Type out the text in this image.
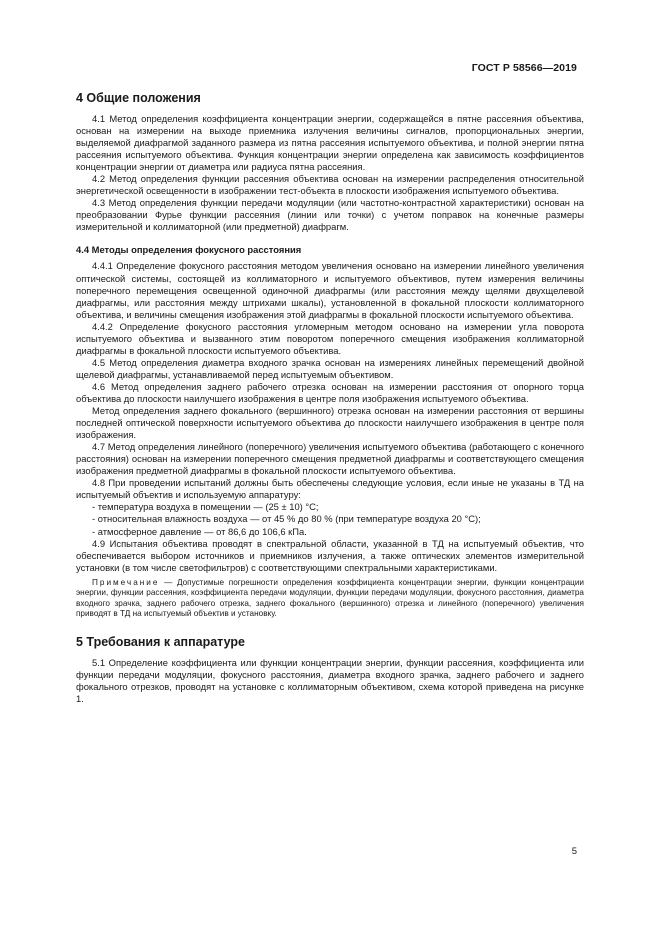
ГОСТ Р 58566—2019
4 Общие положения

4.1 Метод определения коэффициента концентрации энергии, содержащейся в пятне рассеяния объектива, основан на измерении на выходе приемника излучения величины сигналов, пропорциональных энергии, выделяемой диафрагмой заданного размера из пятна рассеяния испытуемого объектива, и полной энергии пятна рассеяния испытуемого объектива. Функция концентрации энергии определена как зависимость коэффициентов концентрации энергии от диаметра или радиуса пятна рассеяния.

4.2 Метод определения функции рассеяния объектива основан на измерении распределения относительной энергетической освещенности в изображении тест-объекта в плоскости изображения испытуемого объектива.

4.3 Метод определения функции передачи модуляции (или частотно-контрастной характеристики) основан на преобразовании Фурье функции рассеяния (линии или точки) с учетом поправок на конечные размеры измерительной и коллиматорной (или предметной) диафрагм.

4.4 Методы определения фокусного расстояния

4.4.1 Определение фокусного расстояния методом увеличения основано на измерении линейного увеличения оптической системы, состоящей из коллиматорного и испытуемого объективов, путем измерения величины поперечного перемещения освещенной одиночной диафрагмы (или расстояния между щелями двухщелевой диафрагмы, или расстояния между штрихами шкалы), установленной в фокальной плоскости коллиматорного объектива, и величины смещения изображения этой диафрагмы в фокальной плоскости испытуемого объектива.

4.4.2 Определение фокусного расстояния угломерным методом основано на измерении угла поворота испытуемого объектива и вызванного этим поворотом поперечного смещения изображения коллиматорной диафрагмы в фокальной плоскости испытуемого объектива.

4.5 Метод определения диаметра входного зрачка основан на измерениях линейных перемещений двойной щелевой диафрагмы, устанавливаемой перед испытуемым объективом.

4.6 Метод определения заднего рабочего отрезка основан на измерении расстояния от опорного торца объектива до плоскости наилучшего изображения в центре поля изображения испытуемого объектива.

Метод определения заднего фокального (вершинного) отрезка основан на измерении расстояния от вершины последней оптической поверхности испытуемого объектива до плоскости наилучшего изображения в центре поля изображения.

4.7 Метод определения линейного (поперечного) увеличения испытуемого объектива (работающего с конечного расстояния) основан на измерении поперечного смещения предметной диафрагмы и соответствующего смещения изображения предметной диафрагмы в фокальной плоскости испытуемого объектива.

4.8 При проведении испытаний должны быть обеспечены следующие условия, если иные не указаны в ТД на испытуемый объектив и используемую аппаратуру:

- температура воздуха в помещении — (25 ± 10) °С;

- относительная влажность воздуха — от 45 % до 80 % (при температуре воздуха 20 °С);

- атмосферное давление — от 86,6 до 106,6 кПа.

4.9 Испытания объектива проводят в спектральной области, указанной в ТД на испытуемый объектив, что обеспечивается выбором источников и приемников излучения, а также оптических элементов измерительной установки (в том числе светофильтров) с соответствующими спектральными характеристиками.

Примечание — Допустимые погрешности определения коэффициента концентрации энергии, функции концентрации энергии, функции рассеяния, коэффициента передачи модуляции, функции передачи модуляции, фокусного расстояния, диаметра входного зрачка, заднего рабочего отрезка, заднего фокального (вершинного) отрезка и линейного (поперечного) увеличения приводят в ТД на испытуемый объектив и установку.

5 Требования к аппаратуре

5.1 Определение коэффициента или функции концентрации энергии, функции рассеяния, коэффициента или функции передачи модуляции, фокусного расстояния, диаметра входного зрачка, заднего рабочего и заднего фокального отрезков, проводят на установке с коллиматорным объективом, схема которой приведена на рисунке 1.

5
